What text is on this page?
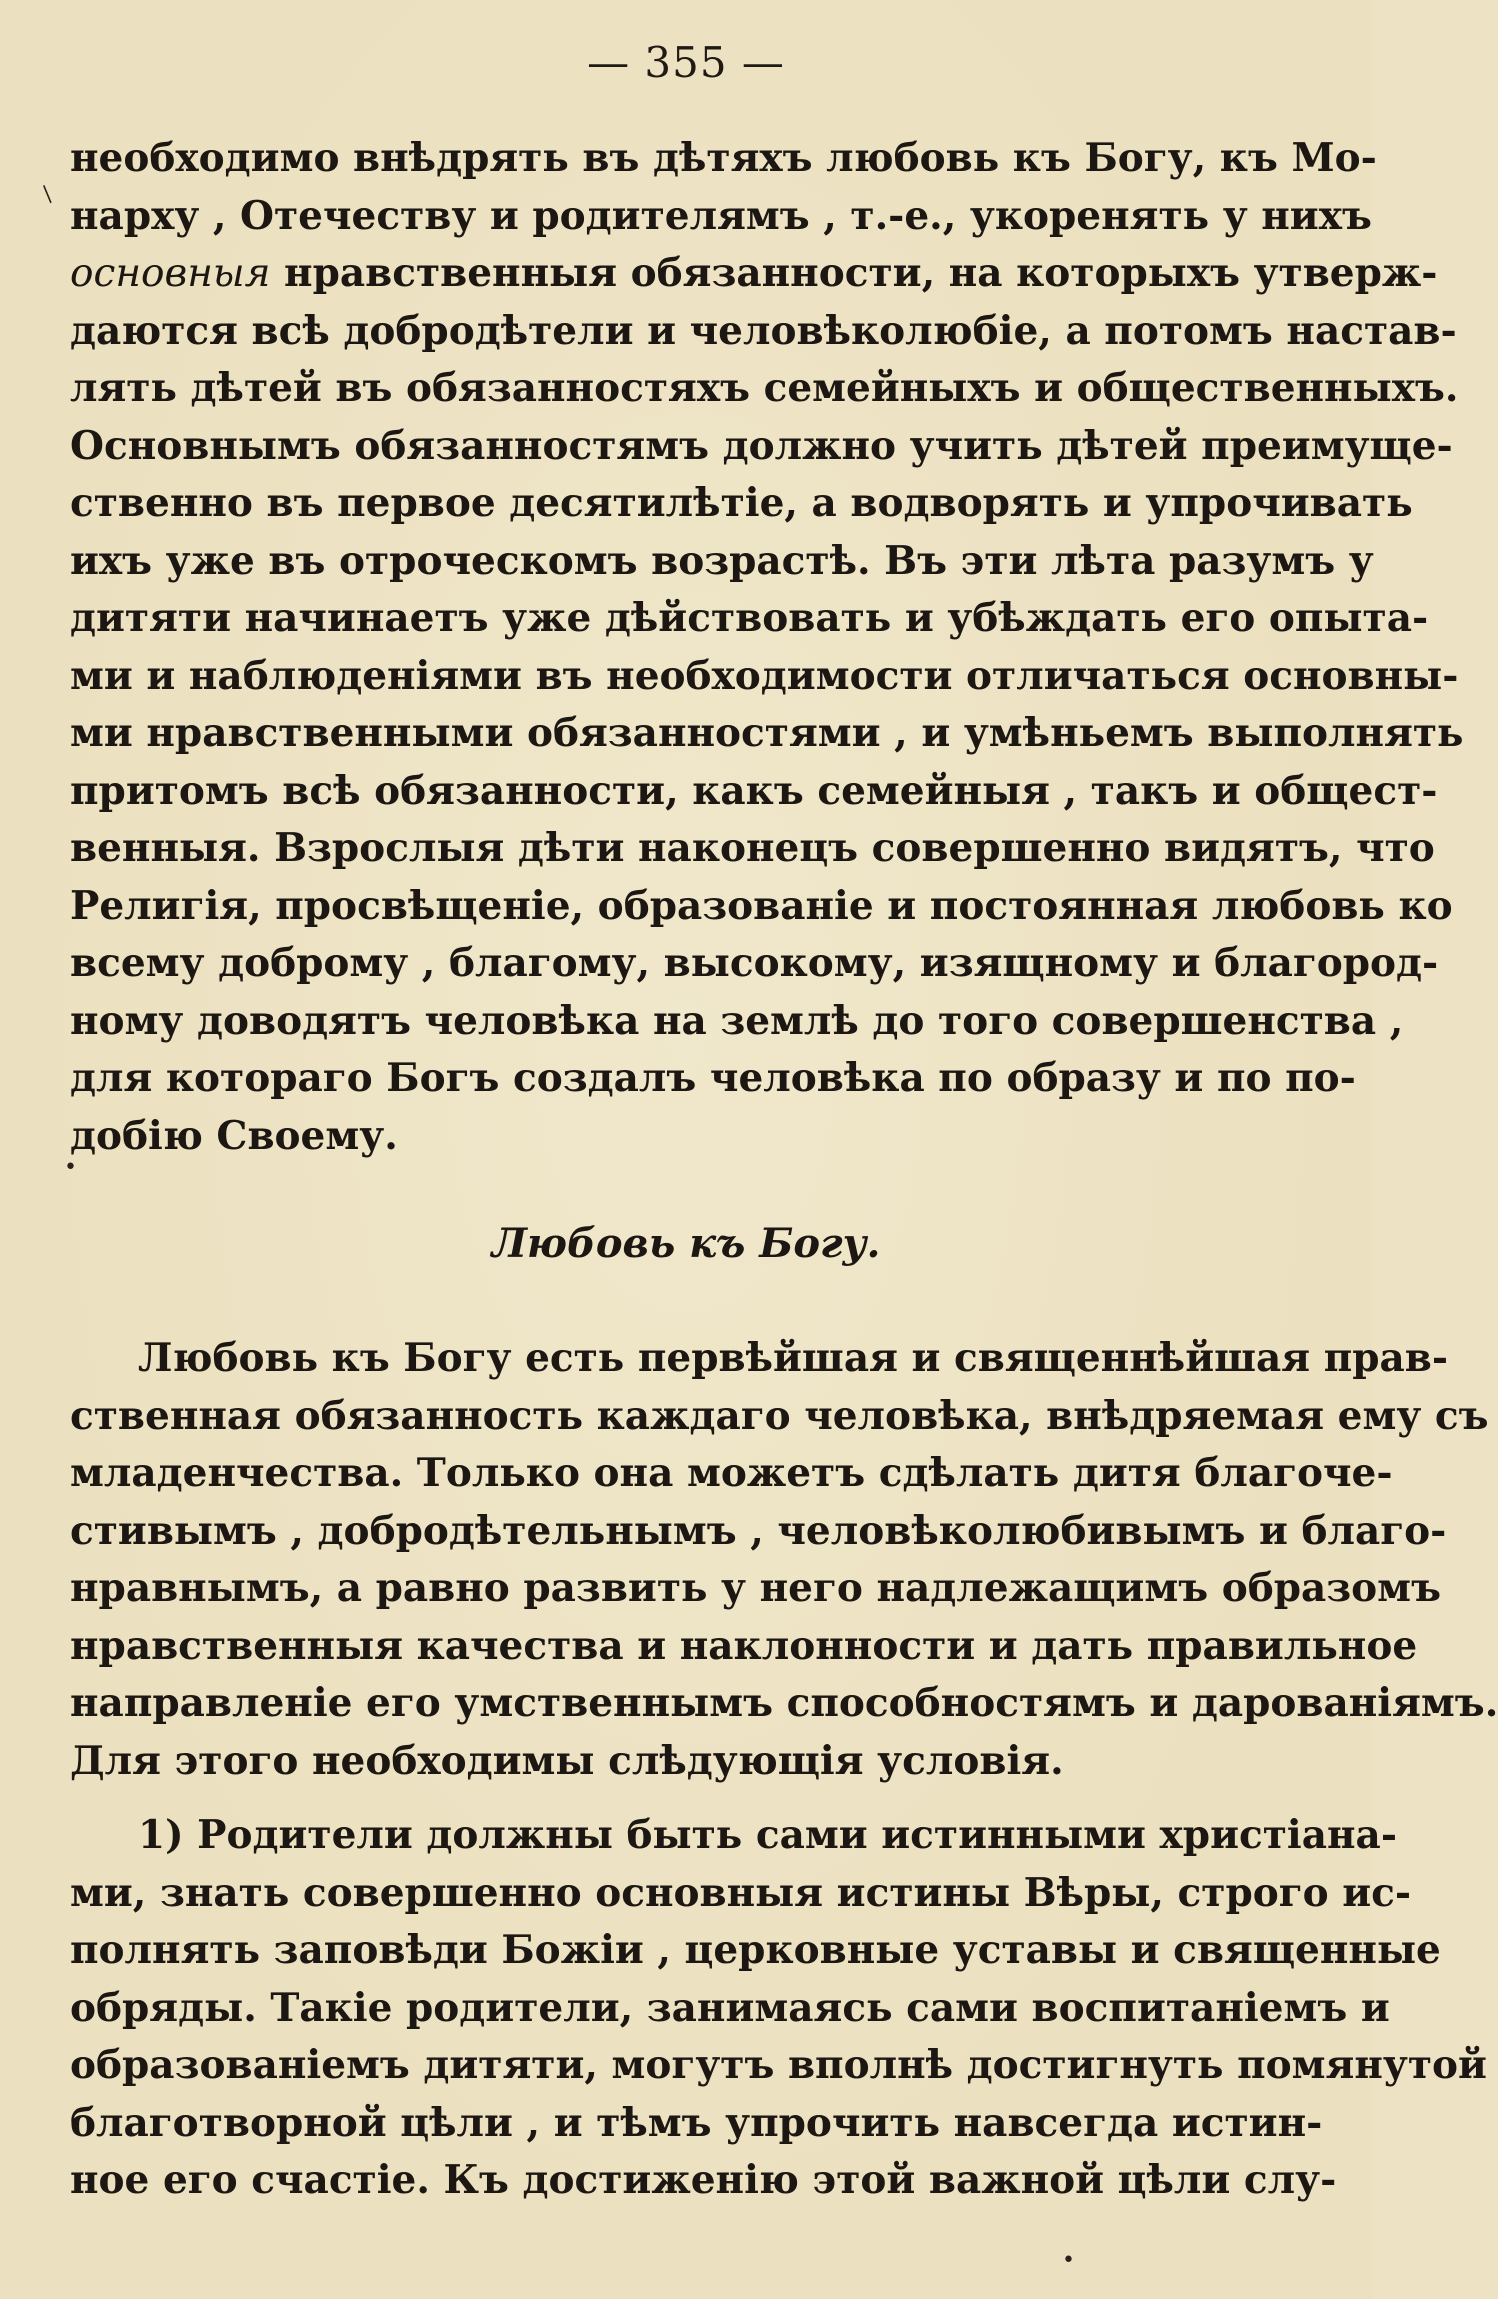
— 355 —
необходимо внѣдрять въ дѣтяхъ любовь къ Богу, къ Мо-
нарху , Отечеству и родителямъ , т.-е., укоренять у нихъ
основныя нравственныя обязанности, на которыхъ утверж-
даются всѣ добродѣтели и человѣколюбіе, а потомъ настав-
лять дѣтей въ обязанностяхъ семейныхъ и общественныхъ.
Основнымъ обязанностямъ должно учить дѣтей преимуще-
ственно въ первое десятилѣтіе, а водворять и упрочивать
ихъ уже въ отроческомъ возрастѣ. Въ эти лѣта разумъ у
дитяти начинаетъ уже дѣйствовать и убѣждать его опыта-
ми и наблюденіями въ необходимости отличаться основны-
ми нравственными обязанностями , и умѣньемъ выполнять
притомъ всѣ обязанности, какъ семейныя , такъ и общест-
венныя. Взрослыя дѣти наконецъ совершенно видятъ, что
Религія, просвѣщеніе, образованіе и постоянная любовь ко
всему доброму , благому, высокому, изящному и благород-
ному доводятъ человѣка на землѣ до того совершенства ,
для котораго Богъ создалъ человѣка по образу и по по-
добію Своему.
Любовь къ Богу.
Любовь къ Богу есть первѣйшая и священнѣйшая прав-
ственная обязанность каждаго человѣка, внѣдряемая ему съ
младенчества. Только она можетъ сдѣлать дитя благоче-
стивымъ , добродѣтельнымъ , человѣколюбивымъ и благо-
нравнымъ, а равно развить у него надлежащимъ образомъ
нравственныя качества и наклонности и дать правильное
направленіе его умственнымъ способностямъ и дарованіямъ.
Для этого необходимы слѣдующія условія.
1) Родители должны быть сами истинными христіана-
ми, знать совершенно основныя истины Вѣры, строго ис-
полнять заповѣди Божіи , церковные уставы и священные
обряды. Такіе родители, занимаясь сами воспитаніемъ и
образованіемъ дитяти, могутъ вполнѣ достигнуть помянутой
благотворной цѣли , и тѣмъ упрочить навсегда истин-
ное его счастіе. Къ достиженію этой важной цѣли слу-
/
•
•
